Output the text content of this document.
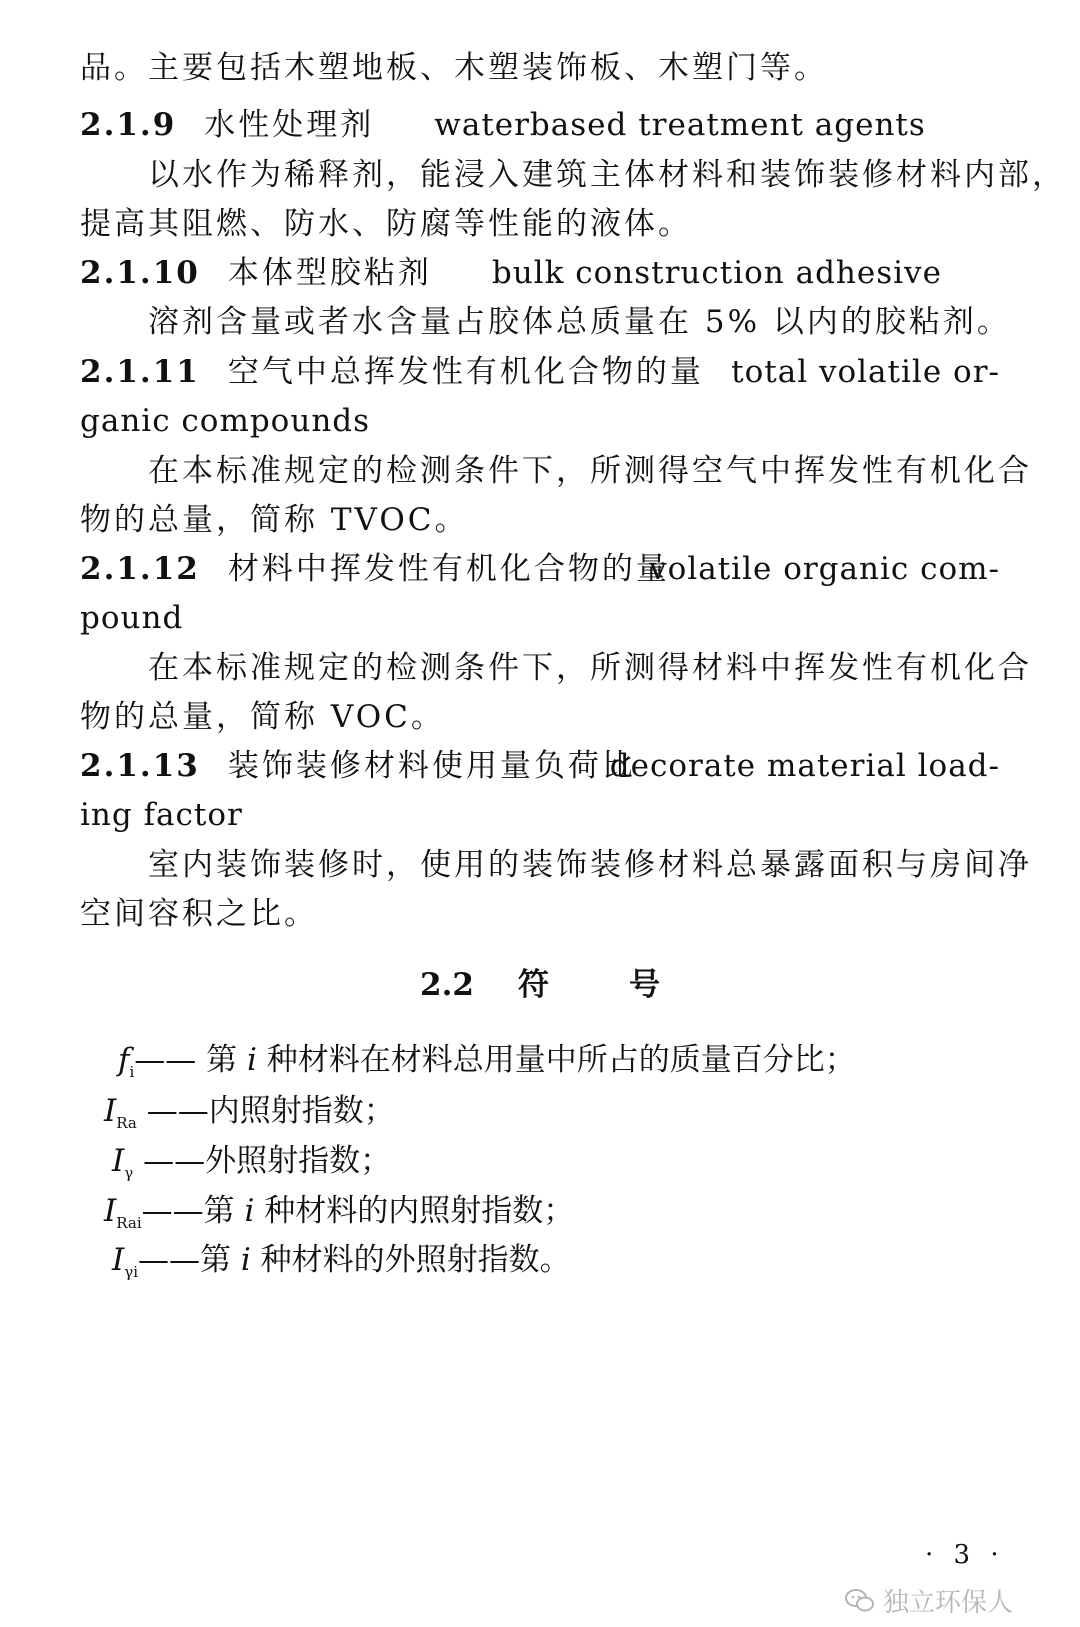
品。主要包括木塑地板、木塑装饰板、木塑门等。
2.1.9 水性处理剂 waterbased treatment agents
以水作为稀释剂，能浸入建筑主体材料和装饰装修材料内部，
提高其阻燃、防水、防腐等性能的液体。
2.1.10 本体型胶粘剂 bulk construction adhesive
溶剂含量或者水含量占胶体总质量在 5% 以内的胶粘剂。
2.1.11 空气中总挥发性有机化合物的量 total volatile or-
ganic compounds
在本标准规定的检测条件下，所测得空气中挥发性有机化合
物的总量，简称 TVOC。
2.1.12 材料中挥发性有机化合物的量
volatile organic com-
pound
在本标准规定的检测条件下，所测得材料中挥发性有机化合
物的总量，简称 VOC。
2.1.13 装饰装修材料使用量负荷比
decorate material load-
ing factor
室内装饰装修时，使用的装饰装修材料总暴露面积与房间净
空间容积之比。
2.2 符	号
$f_i——$ 第 i 种材料在材料总用量中所占的质量百分比；
$I_{Ra}$ ——内照射指数；
$I_\gamma$ ——外照射指数；
$I_{Rai}——$第 i 种材料的内照射指数；
$I_{\gamma i}——$第 i 种材料的外照射指数。
· 3 ·
独立环保人
